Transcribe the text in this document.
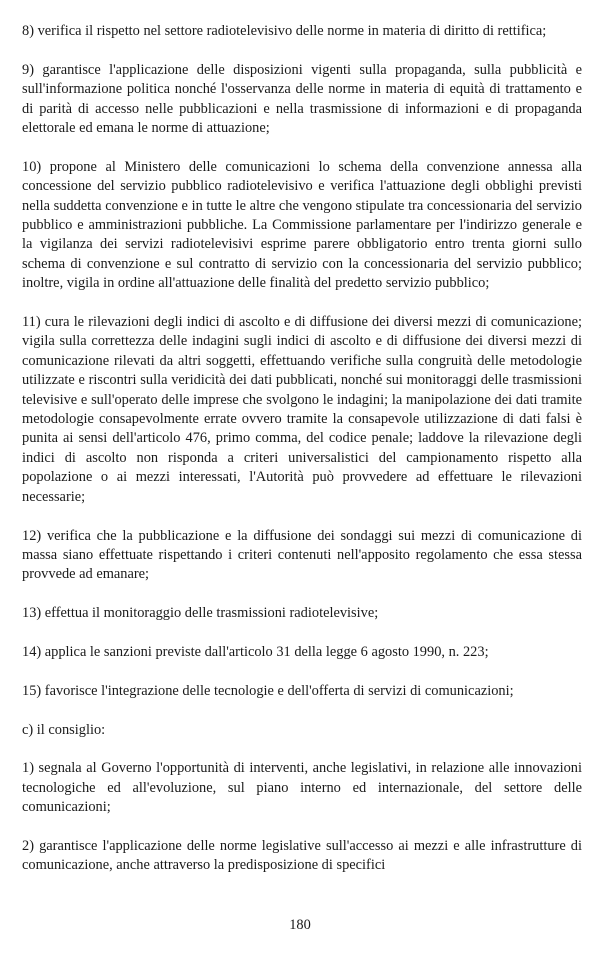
8) verifica il rispetto nel settore radiotelevisivo delle norme in materia di diritto di rettifica;

9) garantisce l'applicazione delle disposizioni vigenti sulla propaganda, sulla pubblicità e sull'informazione politica nonché l'osservanza delle norme in materia di equità di trattamento e di parità di accesso nelle pubblicazioni e nella trasmissione di informazioni e di propaganda elettorale ed emana le norme di attuazione;

10) propone al Ministero delle comunicazioni lo schema della convenzione annessa alla concessione del servizio pubblico radiotelevisivo e verifica l'attuazione degli obblighi previsti nella suddetta convenzione e in tutte le altre che vengono stipulate tra concessionaria del servizio pubblico e amministrazioni pubbliche. La Commissione parlamentare per l'indirizzo generale e la vigilanza dei servizi radiotelevisivi esprime parere obbligatorio entro trenta giorni sullo schema di convenzione e sul contratto di servizio con la concessionaria del servizio pubblico; inoltre, vigila in ordine all'attuazione delle finalità del predetto servizio pubblico;

11) cura le rilevazioni degli indici di ascolto e di diffusione dei diversi mezzi di comunicazione; vigila sulla correttezza delle indagini sugli indici di ascolto e di diffusione dei diversi mezzi di comunicazione rilevati da altri soggetti, effettuando verifiche sulla congruità delle metodologie utilizzate e riscontri sulla veridicità dei dati pubblicati, nonché sui monitoraggi delle trasmissioni televisive e sull'operato delle imprese che svolgono le indagini; la manipolazione dei dati tramite metodologie consapevolmente errate ovvero tramite la consapevole utilizzazione di dati falsi è punita ai sensi dell'articolo 476, primo comma, del codice penale; laddove la rilevazione degli indici di ascolto non risponda a criteri universalistici del campionamento rispetto alla popolazione o ai mezzi interessati, l'Autorità può provvedere ad effettuare le rilevazioni necessarie;

12) verifica che la pubblicazione e la diffusione dei sondaggi sui mezzi di comunicazione di massa siano effettuate rispettando i criteri contenuti nell'apposito regolamento che essa stessa provvede ad emanare;

13) effettua il monitoraggio delle trasmissioni radiotelevisive;

14) applica le sanzioni previste dall'articolo 31 della legge 6 agosto 1990, n. 223;

15) favorisce l'integrazione delle tecnologie e dell'offerta di servizi di comunicazioni;

c) il consiglio:

1) segnala al Governo l'opportunità di interventi, anche legislativi, in relazione alle innovazioni tecnologiche ed all'evoluzione, sul piano interno ed internazionale, del settore delle comunicazioni;

2) garantisce l'applicazione delle norme legislative sull'accesso ai mezzi e alle infrastrutture di comunicazione, anche attraverso la predisposizione di specifici

180
